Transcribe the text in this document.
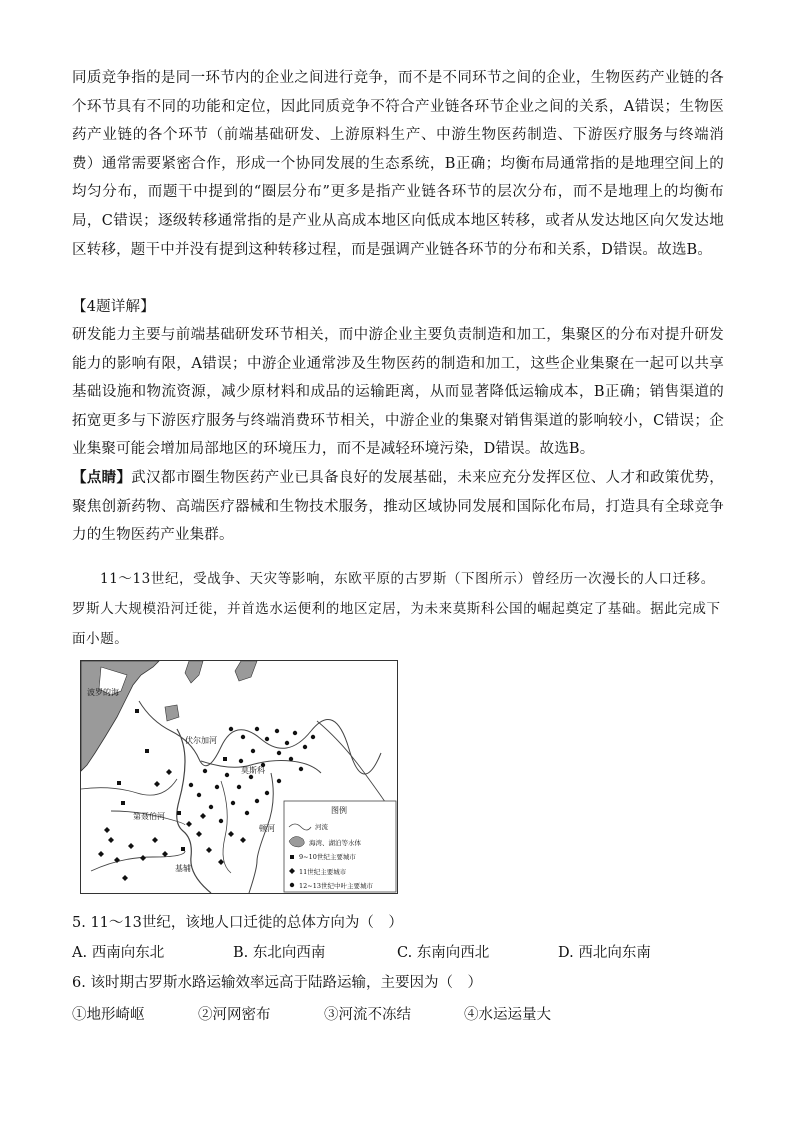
同质竞争指的是同一环节内的企业之间进行竞争，而不是不同环节之间的企业，生物医药产业链的各个环节具有不同的功能和定位，因此同质竞争不符合产业链各环节企业之间的关系，A错误；生物医药产业链的各个环节（前端基础研发、上游原料生产、中游生物医药制造、下游医疗服务与终端消费）通常需要紧密合作，形成一个协同发展的生态系统，B正确；均衡布局通常指的是地理空间上的均匀分布，而题干中提到的“圈层分布”更多是指产业链各环节的层次分布，而不是地理上的均衡布局，C错误；逐级转移通常指的是产业从高成本地区向低成本地区转移，或者从发达地区向欠发达地区转移，题干中并没有提到这种转移过程，而是强调产业链各环节的分布和关系，D错误。故选B。

【4题详解】

研发能力主要与前端基础研发环节相关，而中游企业主要负责制造和加工，集聚区的分布对提升研发能力的影响有限，A错误；中游企业通常涉及生物医药的制造和加工，这些企业集聚在一起可以共享基础设施和物流资源，减少原材料和成品的运输距离，从而显著降低运输成本，B正确；销售渠道的拓宽更多与下游医疗服务与终端消费环节相关，中游企业的集聚对销售渠道的影响较小，C错误；企业集聚可能会增加局部地区的环境压力，而不是减轻环境污染，D错误。故选B。

【点睛】武汉都市圈生物医药产业已具备良好的发展基础，未来应充分发挥区位、人才和政策优势，聚焦创新药物、高端医疗器械和生物技术服务，推动区域协同发展和国际化布局，打造具有全球竞争力的生物医药产业集群。

11～13世纪，受战争、天灾等影响，东欧平原的古罗斯（下图所示）曾经历一次漫长的人口迁移。罗斯人大规模沿河迁徙，并首选水运便利的地区定居，为未来莫斯科公国的崛起奠定了基础。据此完成下面小题。

波罗的海
伏尔加河
莫斯科
第聂伯河
顿河
基辅
图例
河流
海湾、湖泊等水体
9~10世纪主要城市
11世纪主要城市
12~13世纪中叶主要城市

5. 11～13世纪，该地人口迁徙的总体方向为（　）

A. 西南向东北	B. 东北向西南	C. 东南向西北	D. 西北向东南

6. 该时期古罗斯水路运输效率远高于陆路运输，主要因为（　）

①地形崎岖	②河网密布	③河流不冻结	④水运运量大
